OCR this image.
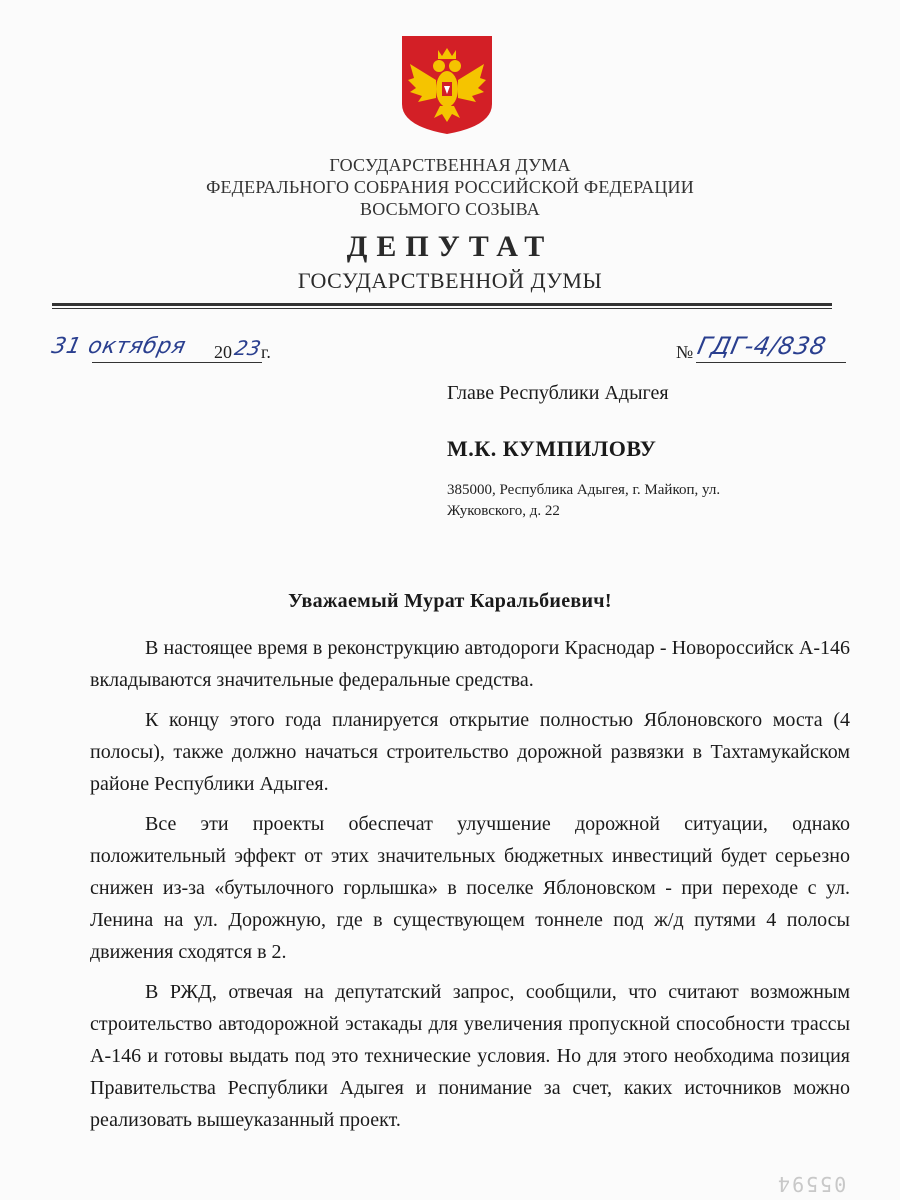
ГОСУДАРСТВЕННАЯ ДУМА
ФЕДЕРАЛЬНОГО СОБРАНИЯ РОССИЙСКОЙ ФЕДЕРАЦИИ
ВОСЬМОГО СОЗЫВА
ДЕПУТАТ
ГОСУДАРСТВЕННОЙ ДУМЫ
31 октября 20 23
г.	№ ГДГ-4/838
Главе Республики Адыгея
М.К. КУМПИЛОВУ
385000, Республика Адыгея, г. Майкоп, ул. Жуковского, д. 22
Уважаемый Мурат Каральбиевич!

В настоящее время в реконструкцию автодороги Краснодар - Новороссийск А-146 вкладываются значительные федеральные средства.

К концу этого года планируется открытие полностью Яблоновского моста (4 полосы), также должно начаться строительство дорожной развязки в Тахтамукайском районе Республики Адыгея.

Все эти проекты обеспечат улучшение дорожной ситуации, однако положительный эффект от этих значительных бюджетных инвестиций будет серьезно снижен из-за «бутылочного горлышка» в поселке Яблоновском - при переходе с ул. Ленина на ул. Дорожную, где в существующем тоннеле под ж/д путями 4 полосы движения сходятся в 2.

В РЖД, отвечая на депутатский запрос, сообщили, что считают возможным строительство автодорожной эстакады для увеличения пропускной способности трассы А-146 и готовы выдать под это технические условия. Но для этого необходима позиция Правительства Республики Адыгея и понимание за счет, каких источников можно реализовать вышеуказанный проект.

05594
